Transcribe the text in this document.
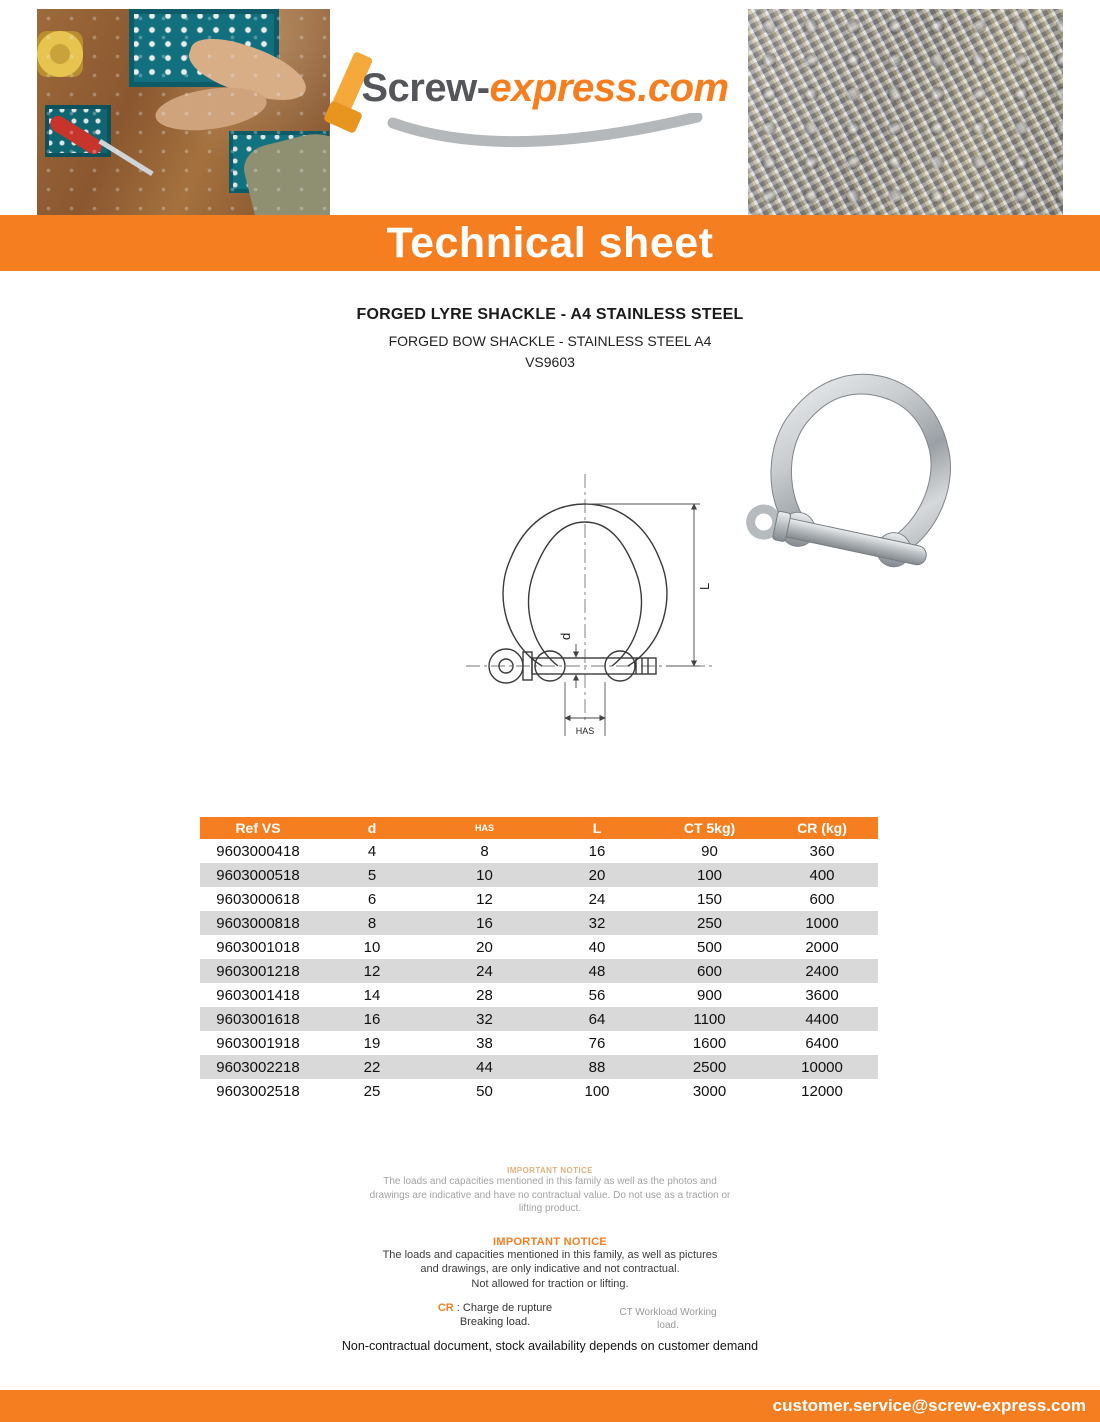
Screw-express.com
Technical sheet
FORGED LYRE SHACKLE - A4 STAINLESS STEEL
FORGED BOW SHACKLE - STAINLESS STEEL A4
VS9603
L
d
HAS
Ref VS	d	HAS	L	CT 5kg)	CR (kg)
9603000418	4	8	16	90	360
9603000518	5	10	20	100	400
9603000618	6	12	24	150	600
9603000818	8	16	32	250	1000
9603001018	10	20	40	500	2000
9603001218	12	24	48	600	2400
9603001418	14	28	56	900	3600
9603001618	16	32	64	1100	4400
9603001918	19	38	76	1600	6400
9603002218	22	44	88	2500	10000
9603002518	25	50	100	3000	12000
IMPORTANT NOTICE
The loads and capacities mentioned in this family as well as the photos and
drawings are indicative and have no contractual value. Do not use as a traction or
lifting product.
IMPORTANT NOTICE
The loads and capacities mentioned in this family, as well as pictures
and drawings, are only indicative and not contractual.
Not allowed for traction or lifting.
CR : Charge de rupture
Breaking load.
CT Workload Working
load.
Non-contractual document, stock availability depends on customer demand
customer.service@screw-express.com
